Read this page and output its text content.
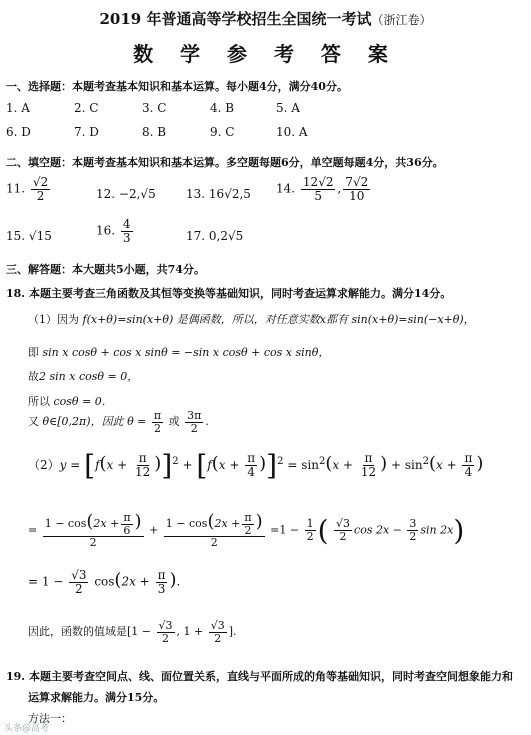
2019 年普通高等学校招生全国统一考试（浙江卷）
数 学 参 考 答 案
一、选择题：本题考查基本知识和基本运算。每小题4分，满分40分。
1. A	2. C	3. C	4. B	5. A
6. D	7. D	8. B	9. C	10. A
二、填空题：本题考查基本知识和基本运算。多空题每题6分，单空题每题4分，共36分。
11. $\frac{√2}{2}$	12. −2,√5	13. 16√2,5 14. $\frac{12√2}{5}$ , $\frac{7√2}{10}$
15. √15	16. $\frac{4}{3}$	17. 0,2√5
三、解答题：本大题共5小题，共74分。
18. 本题主要考查三角函数及其恒等变换等基础知识，同时考查运算求解能力。满分14分。
（1）因为 f(x+θ)=sin(x+θ) 是偶函数，所以，对任意实数x都有 sin(x+θ)=sin(−x+θ)，
即 sin x cosθ + cos x sinθ = −sin x cosθ + cos x sinθ，
故2 sin x cosθ = 0，
所以 cosθ = 0．
又 θ∈[0,2π)，因此 $\theta = \frac{\pi}{2}$ 或 $\frac{3\pi}{2}$ .
$(2)y = [f(x + \frac{\pi}{12} )]^2 + [f(x + \frac{\pi}{4} )]^2 = \sin^2(x + \frac{\pi}{12}$ ) + $\sin^2(x + \frac{\pi}{4}$ )
= $\frac{1 - \cos(2x + \frac{\pi}{6} )}{2} + \frac{1 - \cos(2x + \frac{\pi}{2} )}{2} =1 - \frac{1}{2}$ ( $\frac{√3}{2}$ $\cos 2x - \frac{3}{2}$ sin 2x)
= $1 - \frac{√3}{2} \cos(2x + \frac{\pi}{3}$ ).
因此，函数的值域是[$1 - \frac{√3}{2}$ , $1 + \frac{√3}{2}$ ].
19. 本题主要考查空间点、线、面位置关系，直线与平面所成的角等基础知识，同时考查空间想象能力和
运算求解能力。满分15分。
方法一：
头条@高考
